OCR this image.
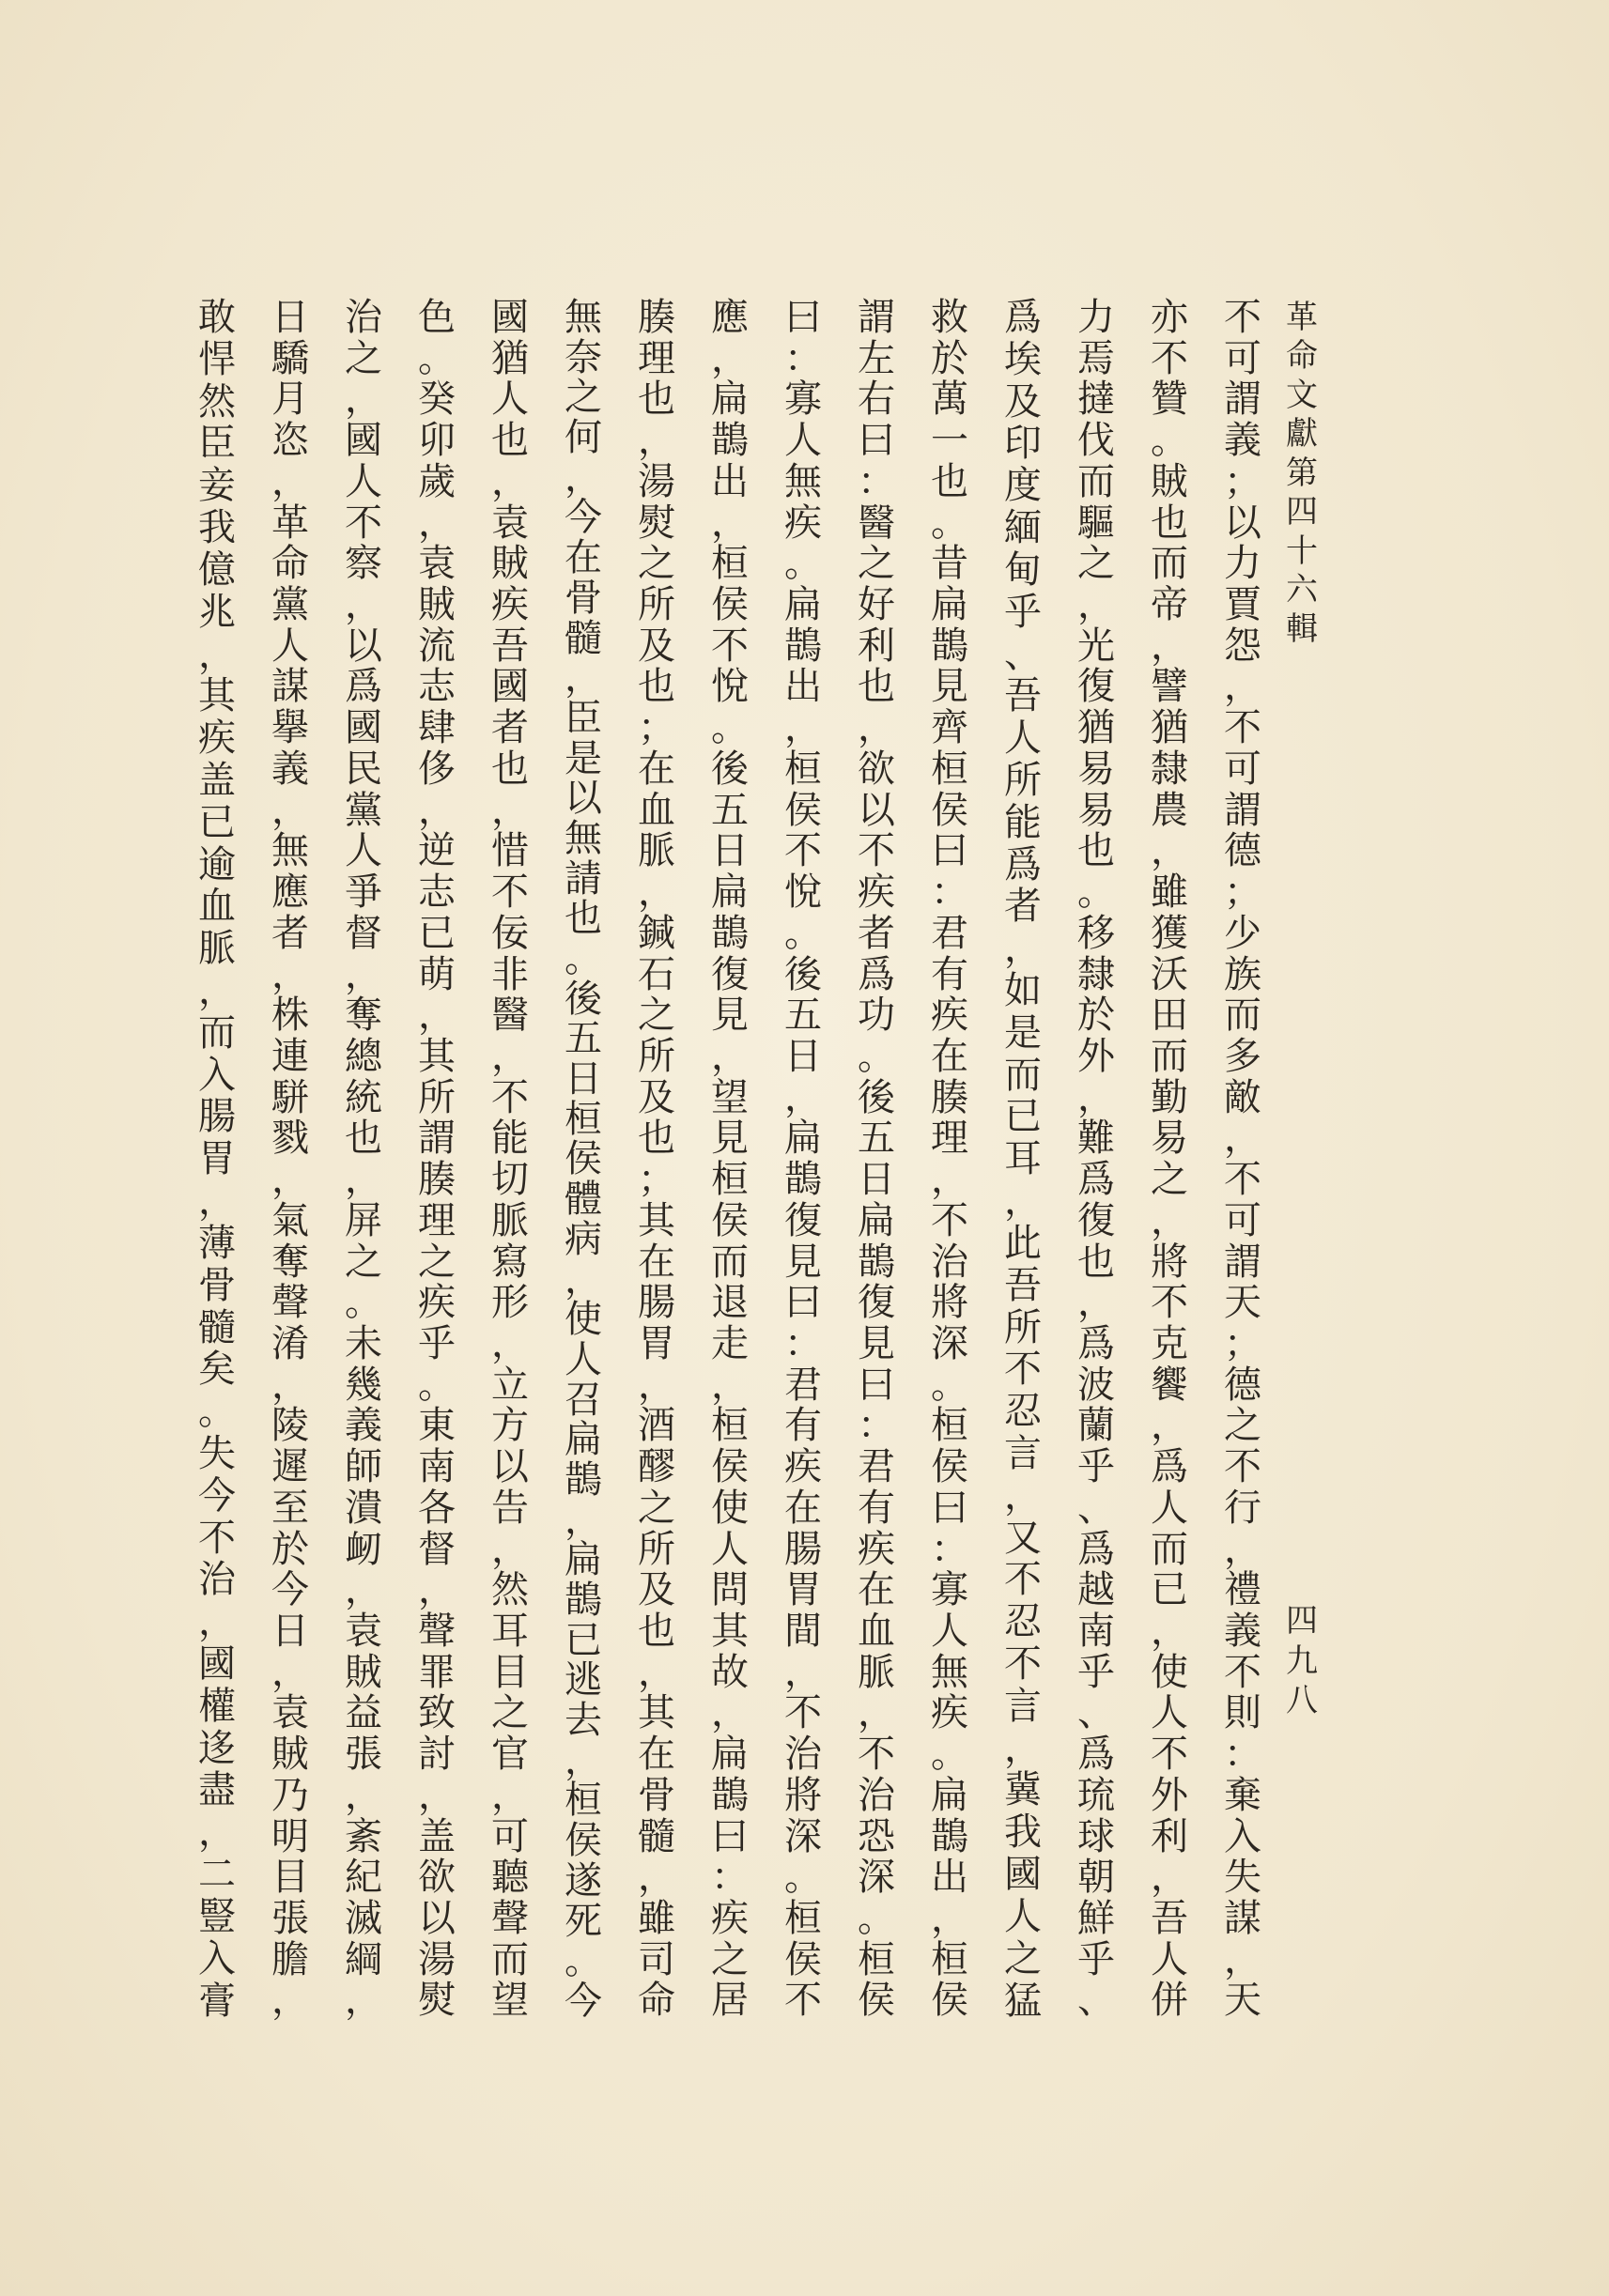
革
命
文
獻
第
四
十
六
輯
四
九
八
不
可
謂
義
；
以
力
賈
怨
，
不
可
謂
德
；
少
族
而
多
敵
，
不
可
謂
天
；
德
之
不
行
，
禮
義
不
則
：
棄
入
失
謀
，
天
亦
不
贊
。
賊
也
而
帝
，
譬
猶
隸
農
，
雖
獲
沃
田
而
勤
易
之
，
將
不
克
饗
，
爲
人
而
已
，
使
人
不
外
利
，
吾
人
併
力
焉
撻
伐
而
驅
之
，
光
復
猶
易
易
也
。
移
隸
於
外
，
難
爲
復
也
，
爲
波
蘭
乎
、
爲
越
南
乎
、
爲
琉
球
朝
鮮
乎
、
爲
埃
及
印
度
緬
甸
乎
、
吾
人
所
能
爲
者
，
如
是
而
已
耳
，
此
吾
所
不
忍
言
，
又
不
忍
不
言
，
冀
我
國
人
之
猛
救
於
萬
一
也
。
昔
扁
鵲
見
齊
桓
侯
曰
：
君
有
疾
在
腠
理
，
不
治
將
深
。
桓
侯
曰
：
寡
人
無
疾
。
扁
鵲
出
，
桓
侯
謂
左
右
曰
：
醫
之
好
利
也
，
欲
以
不
疾
者
爲
功
。
後
五
日
扁
鵲
復
見
曰
：
君
有
疾
在
血
脈
，
不
治
恐
深
。
桓
侯
曰
：
寡
人
無
疾
。
扁
鵲
出
，
桓
侯
不
悅
。
後
五
日
，
扁
鵲
復
見
曰
：
君
有
疾
在
腸
胃
間
，
不
治
將
深
。
桓
侯
不
應
，
扁
鵲
出
，
桓
侯
不
悅
。
後
五
日
扁
鵲
復
見
，
望
見
桓
侯
而
退
走
，
桓
侯
使
人
問
其
故
，
扁
鵲
曰
：
疾
之
居
腠
理
也
，
湯
熨
之
所
及
也
；
在
血
脈
，
鍼
石
之
所
及
也
；
其
在
腸
胃
，
酒
醪
之
所
及
也
，
其
在
骨
髓
，
雖
司
命
無
奈
之
何
，
今
在
骨
髓
，
臣
是
以
無
請
也
。
後
五
日
桓
侯
體
病
，
使
人
召
扁
鵲
，
扁
鵲
已
逃
去
，
桓
侯
遂
死
。
今
國
猶
人
也
，
袁
賊
疾
吾
國
者
也
，
惜
不
佞
非
醫
，
不
能
切
脈
寫
形
，
立
方
以
告
，
然
耳
目
之
官
，
可
聽
聲
而
望
色
。
癸
卯
歲
，
袁
賊
流
志
肆
侈
，
逆
志
已
萌
，
其
所
謂
腠
理
之
疾
乎
。
東
南
各
督
，
聲
罪
致
討
，
盖
欲
以
湯
熨
治
之
，
國
人
不
察
，
以
爲
國
民
黨
人
爭
督
，
奪
總
統
也
，
屏
之
。
未
幾
義
師
潰
衂
，
袁
賊
益
張
，
紊
紀
滅
綱
，
日
驕
月
恣
，
革
命
黨
人
謀
擧
義
，
無
應
者
，
株
連
駢
戮
，
氣
奪
聲
淆
，
陵
遲
至
於
今
日
，
袁
賊
乃
明
目
張
膽
，
敢
悍
然
臣
妾
我
億
兆
，
其
疾
盖
已
逾
血
脈
，
而
入
腸
胃
，
薄
骨
髓
矣
。
失
今
不
治
，
國
權
迻
盡
，
二
豎
入
膏
